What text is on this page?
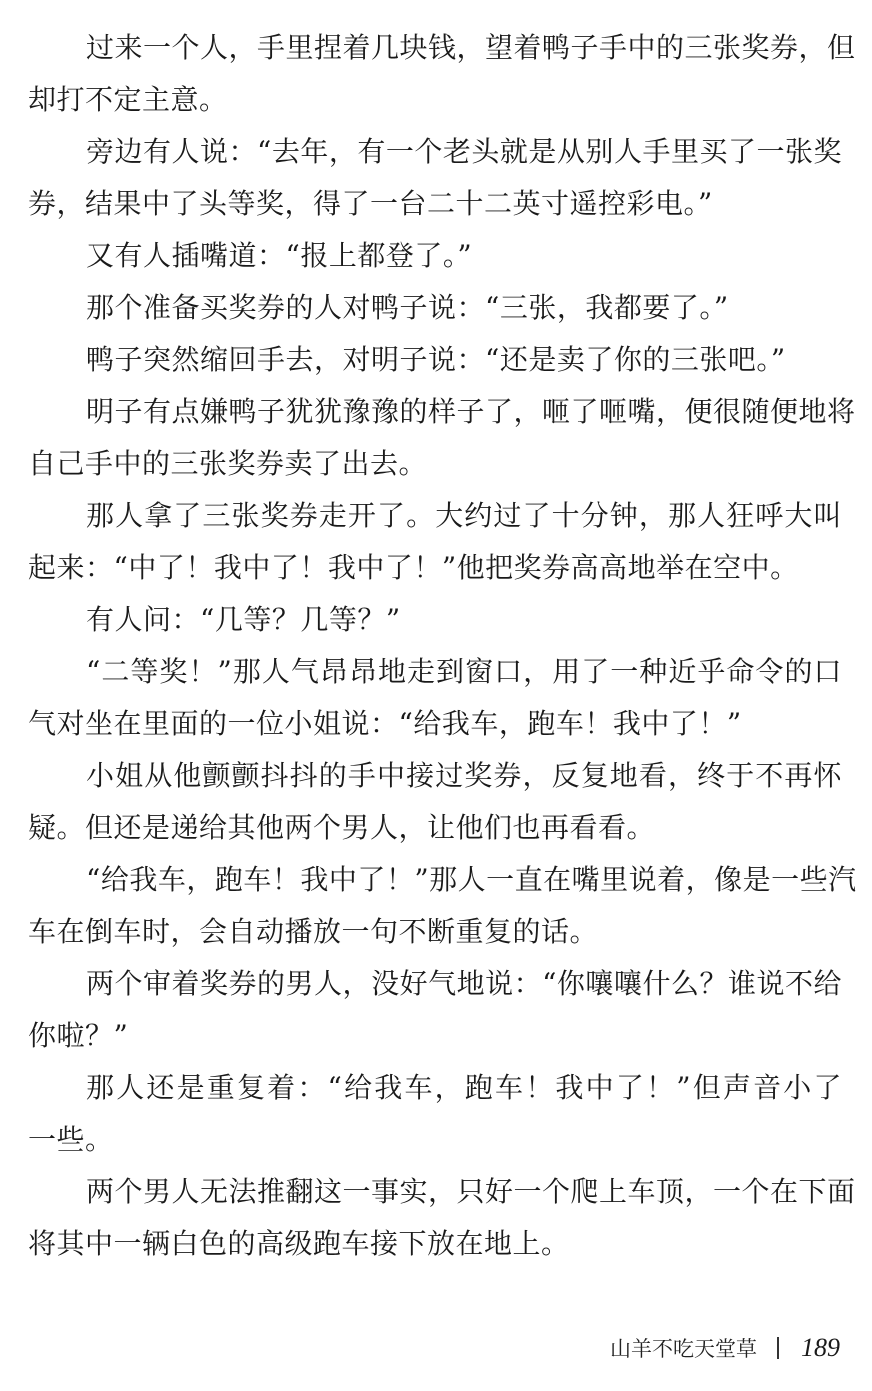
过来一个人，手里捏着几块钱，望着鸭子手中的三张奖券，但
却打不定主意。
旁边有人说：“去年，有一个老头就是从别人手里买了一张奖
券，结果中了头等奖，得了一台二十二英寸遥控彩电。”
又有人插嘴道：“报上都登了。”
那个准备买奖券的人对鸭子说：“三张，我都要了。”
鸭子突然缩回手去，对明子说：“还是卖了你的三张吧。”
明子有点嫌鸭子犹犹豫豫的样子了，咂了咂嘴，便很随便地将
自己手中的三张奖券卖了出去。
那人拿了三张奖券走开了。大约过了十分钟，那人狂呼大叫
起来：“中了！我中了！我中了！”他把奖券高高地举在空中。
有人问：“几等？几等？”
“二等奖！”那人气昂昂地走到窗口，用了一种近乎命令的口
气对坐在里面的一位小姐说：“给我车，跑车！我中了！”
小姐从他颤颤抖抖的手中接过奖券，反复地看，终于不再怀
疑。但还是递给其他两个男人，让他们也再看看。
“给我车，跑车！我中了！”那人一直在嘴里说着，像是一些汽
车在倒车时，会自动播放一句不断重复的话。
两个审着奖券的男人，没好气地说：“你嚷嚷什么？谁说不给
你啦？”
那人还是重复着：“给我车，跑车！我中了！”但声音小了
一些。
两个男人无法推翻这一事实，只好一个爬上车顶，一个在下面
将其中一辆白色的高级跑车接下放在地上。
山羊不吃天堂草 189
